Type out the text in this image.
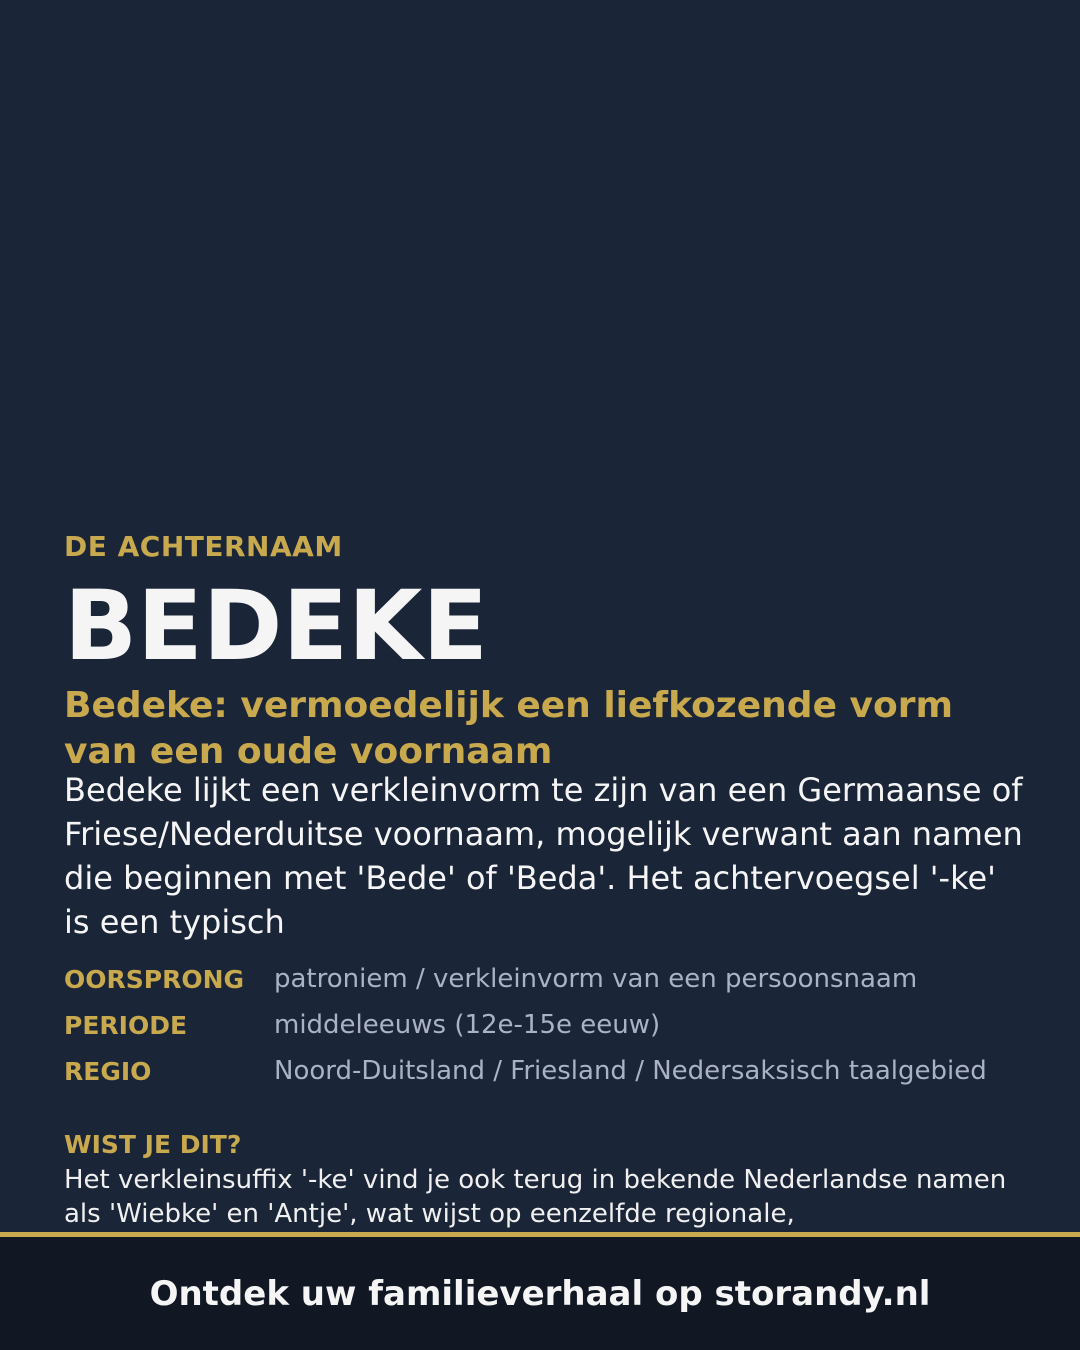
DE ACHTERNAAM
BEDEKE
Bedeke: vermoedelijk een liefkozende vorm van een oude voornaam
Bedeke lijkt een verkleinvorm te zijn van een Germaanse of Friese/Nederduitse voornaam, mogelijk verwant aan namen die beginnen met 'Bede' of 'Beda'. Het achtervoegsel '-ke' is een typisch
OORSPRONG	patroniem / verkleinvorm van een persoonsnaam
PERIODE	middeleeuws (12e-15e eeuw)
REGIO	Noord-Duitsland / Friesland / Nedersaksisch taalgebied
WIST JE DIT?
Het verkleinsuffix '-ke' vind je ook terug in bekende Nederlandse namen als 'Wiebke' en 'Antje', wat wijst op eenzelfde regionale,
Ontdek uw familieverhaal op storandy.nl
